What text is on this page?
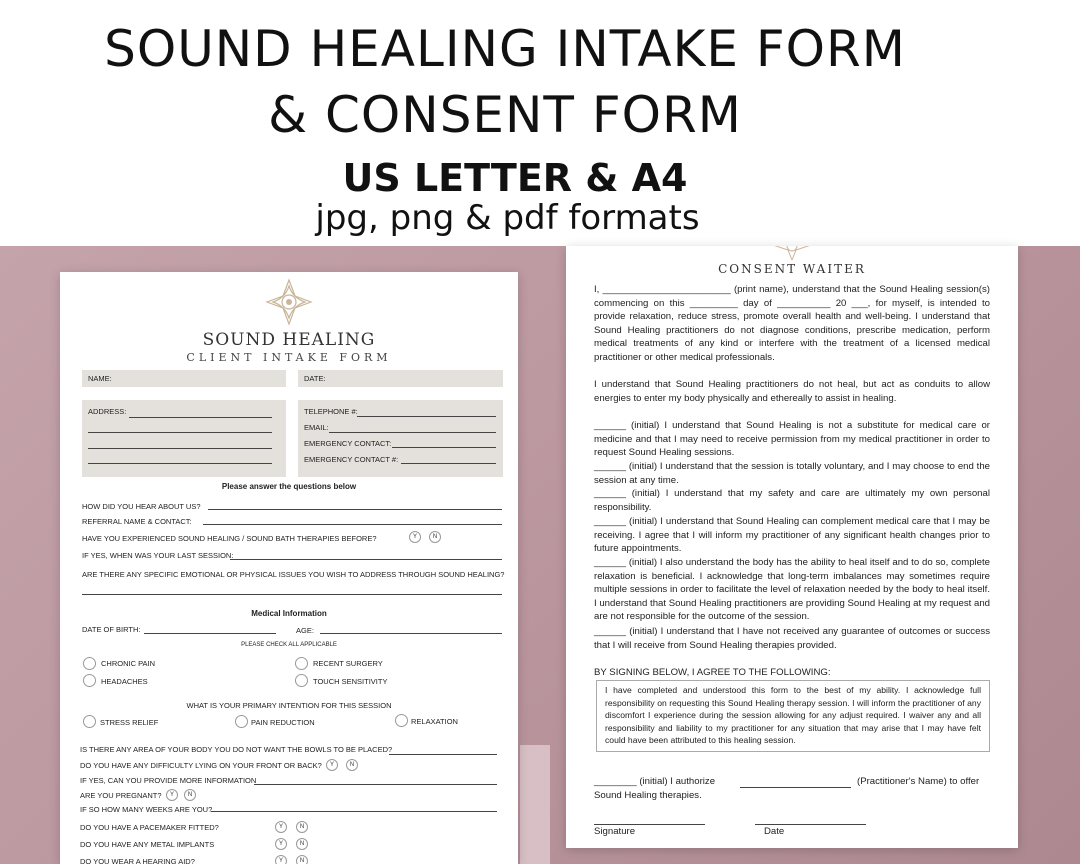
SOUND HEALING INTAKE FORM
& CONSENT FORM
US LETTER & A4
jpg, png & pdf formats
SOUND HEALING
CLIENT INTAKE FORM
NAME:	DATE:
ADDRESS:	TELEPHONE #:
EMAIL:
EMERGENCY CONTACT:
EMERGENCY CONTACT #:
Please answer the questions below
HOW DID YOU HEAR ABOUT US?
REFERRAL NAME & CONTACT:
HAVE YOU EXPERIENCED SOUND HEALING / SOUND BATH THERAPIES BEFORE?	Y	N
IF YES, WHEN WAS YOUR LAST SESSION:
ARE THERE ANY SPECIFIC EMOTIONAL OR PHYSICAL ISSUES YOU WISH TO ADDRESS THROUGH SOUND HEALING?
Medical Information
DATE OF BIRTH:	AGE:
PLEASE CHECK ALL APPLICABLE
CHRONIC PAIN	RECENT SURGERY
HEADACHES	TOUCH SENSITIVITY
WHAT IS YOUR PRIMARY INTENTION FOR THIS SESSION
STRESS RELIEF	PAIN REDUCTION	RELAXATION
IS THERE ANY AREA OF YOUR BODY YOU DO NOT WANT THE BOWLS TO BE PLACED?
DO YOU HAVE ANY DIFFICULTY LYING ON YOUR FRONT OR BACK?	Y	N
IF YES, CAN YOU PROVIDE MORE INFORMATION
ARE YOU PREGNANT?	Y	N
IF SO HOW MANY WEEKS ARE YOU?
DO YOU HAVE A PACEMAKER FITTED?	Y	N
DO YOU HAVE ANY METAL IMPLANTS	Y	N
DO YOU WEAR A HEARING AID?	Y	N
CONSENT WAITER

I, ________________________ (print name), understand that the Sound Healing session(s) commencing on this _________ day of __________ 20 ___, for myself, is intended to provide relaxation, reduce stress, promote overall health and well-being. I understand that Sound Healing practitioners do not diagnose conditions, prescribe medication, perform medical treatments of any kind or interfere with the treatment of a licensed medical practitioner or other medical professionals.

I understand that Sound Healing practitioners do not heal, but act as conduits to allow energies to enter my body physically and ethereally to assist in healing.

______ (initial) I understand that Sound Healing is not a substitute for medical care or medicine and that I may need to receive permission from my medical practitioner in order to request Sound Healing sessions.

______ (initial) I understand that the session is totally voluntary, and I may choose to end the session at any time.

______ (initial) I understand that my safety and care are ultimately my own personal responsibility.

______ (initial) I understand that Sound Healing can complement medical care that I may be receiving. I agree that I will inform my practitioner of any significant health changes prior to future appointments.

______ (initial) I also understand the body has the ability to heal itself and to do so, complete relaxation is beneficial. I acknowledge that long-term imbalances may sometimes require multiple sessions in order to facilitate the level of relaxation needed by the body to heal itself. I understand that Sound Healing practitioners are providing Sound Healing at my request and are not responsible for the outcome of the session.

______ (initial) I understand that I have not received any guarantee of outcomes or success that I will receive from Sound Healing therapies provided.

BY SIGNING BELOW, I AGREE TO THE FOLLOWING:

I have completed and understood this form to the best of my ability. I acknowledge full responsibility on requesting this Sound Healing therapy session. I will inform the practitioner of any discomfort I experience during the session allowing for any adjust required. I waiver any and all responsibility and liability to my practitioner for any situation that may arise that I may have felt could have been attributed to this healing session.

________ (initial) I authorize	(Practitioner's Name) to offer
Sound Healing therapies.
Signature	Date
